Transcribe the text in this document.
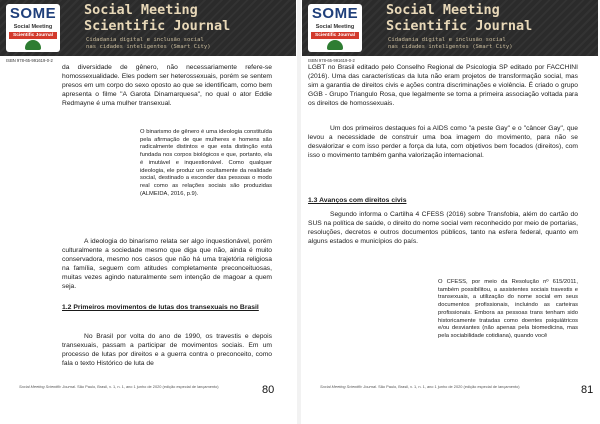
SOME
Social Meeting
Scientific Journal
Social Meeting
Scientific Journal
Cidadania digital e inclusão social
nas cidades inteligentes (Smart City)
ISBN 978-65-991619-0-2

da diversidade de gênero, não necessariamente refere-se homossexualidade. Eles podem ser heterossexuais, porém se sentem presos em um corpo do sexo oposto ao que se identificam, como bem apresenta o filme "A Garota Dinamarquesa", no qual o ator Eddie Redmayne é uma mulher transexual.

O binarismo de gênero é uma ideologia constituída pela afirmação de que mulheres e homens são radicalmente distintos e que esta distinção está fundada nos corpos biológicos e que, portanto, ela é imutável e inquestionável. Como qualquer ideologia, ele produz um ocultamente da realidade social, destinado a esconder das pessoas o modo real como as relações sociais são produzidas (ALMEIDA, 2016, p.9).

A ideologia do binarismo relata ser algo inquestionável, porém culturalmente a sociedade mesmo que diga que não, ainda é muito conservadora, mesmo nos casos que não há uma trajetória religiosa na família, seguem com atitudes completamente preconceituosas, muitas vezes agindo naturalmente sem intenção de magoar a quem seja.

1.2 Primeiros movimentos de lutas dos transexuais no Brasil

No Brasil por volta do ano de 1990, os travestis e depois transexuais, passam a participar de movimentos sociais. Em um processo de lutas por direitos e a guerra contra o preconceito, como fala o texto Histórico de luta de

Social Meeting Scientific Journal. São Paulo, Brasil, v. 1, n. 1, ano 1 junho de 2020 (edição especial de lançamento)	80
SOME
Social Meeting
Scientific Journal
Social Meeting
Scientific Journal
Cidadania digital e inclusão social
nas cidades inteligentes (Smart City)
ISBN 978-65-991619-0-2

LGBT no Brasil editado pelo Conselho Regional de Psicologia SP editado por FACCHINI (2016). Uma das características da luta não eram projetos de transformação social, mas sim a garantia de direitos civis e ações contra discriminações e violência. É criado o grupo GGB - Grupo Triangulo Rosa, que legalmente se torna a primeira associação voltada para os direitos de homossexuais.

Um dos primeiros destaques foi a AIDS como "a peste Gay" e o "câncer Gay", que levou a necessidade de construir uma boa imagem do movimento, para não se desvalorizar e com isso perder a força da luta, com objetivos bem focados (direitos), com isso o movimento também ganha valorização internacional.

1.3 Avanços com direitos civis

Segundo informa o Cartilha 4 CFESS (2016) sobre Transfobia, além do cartão do SUS na política de saúde, o direito do nome social vem reconhecido por meio de portarias, resoluções, decretos e outros documentos públicos, tanto na esfera federal, quanto em alguns estados e municípios do país.

O CFESS, por meio da Resolução nº 615/2011, também possibilitou, a assistentes sociais travestis e transexuais, a utilização do nome social em seus documentos profissionais, incluindo as carteiras profissionais. Embora as pessoas trans tenham sido historicamente tratadas como doentes psiquiátricos e/ou desviantes (não apenas pela biomedicina, mas pela sociabilidade cotidiana), quando você

Social Meeting Scientific Journal. São Paulo, Brasil, v. 1, n. 1, ano 1 junho de 2020 (edição especial de lançamento)	81
